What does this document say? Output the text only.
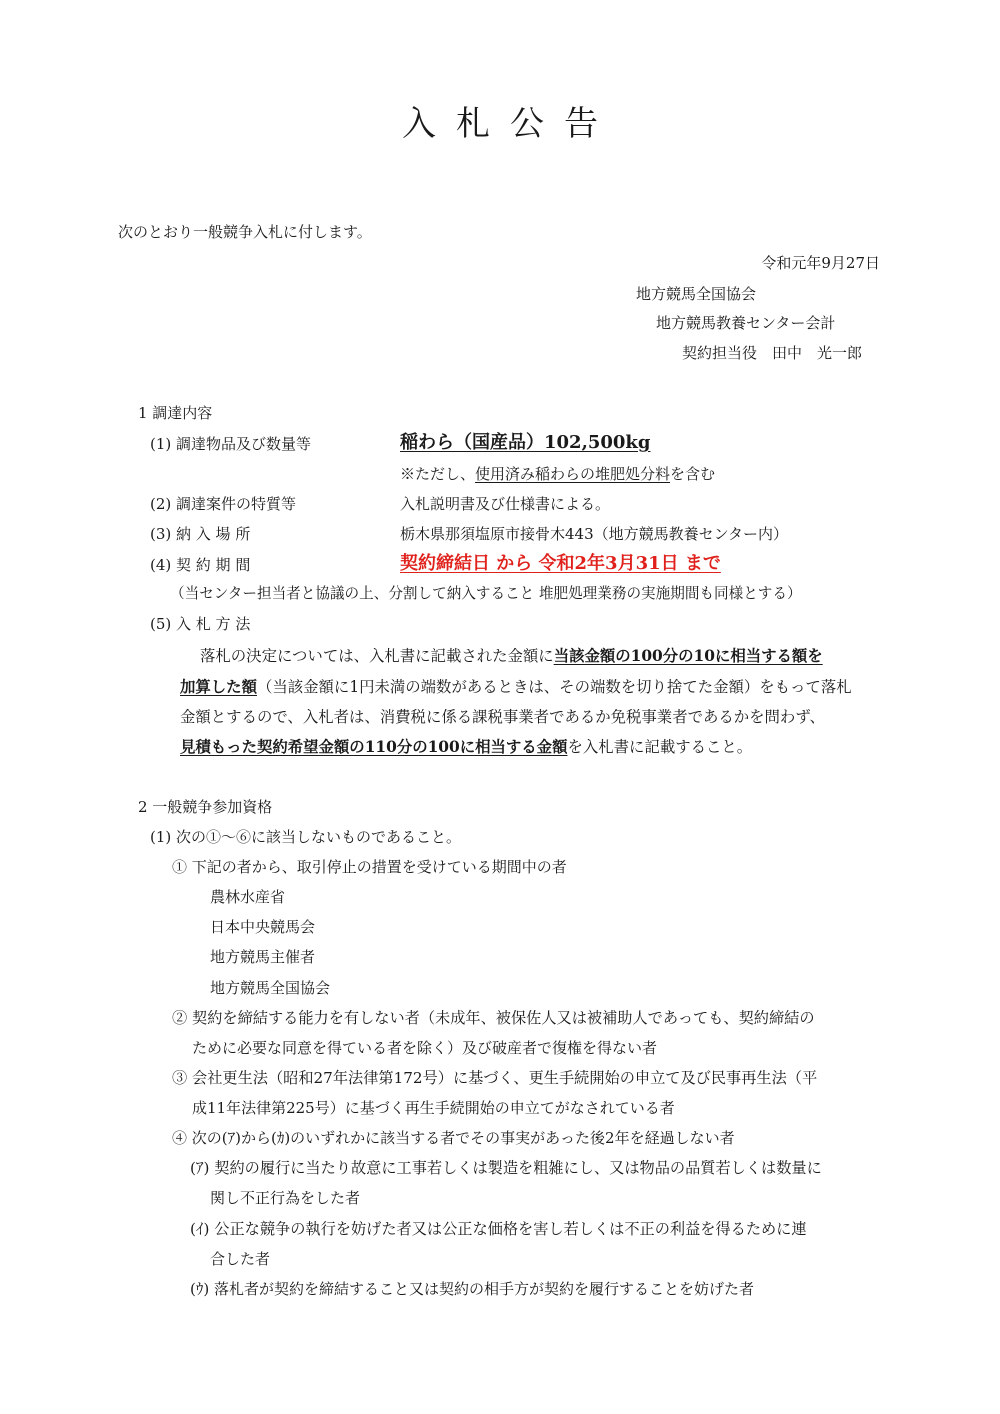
入札公告
次のとおり一般競争入札に付します。
令和元年9月27日
地方競馬全国協会
地方競馬教養センター会計
契約担当役　田中　光一郎
1 調達内容
(1) 調達物品及び数量等	稲わら（国産品）102,500kg
※ただし、使用済み稲わらの堆肥処分料を含む
(2) 調達案件の特質等	入札説明書及び仕様書による。
(3) 納 入 場 所	栃木県那須塩原市接骨木443（地方競馬教養センター内）
(4) 契 約 期 間	契約締結日 から 令和2年3月31日 まで
（当センター担当者と協議の上、分割して納入すること 堆肥処理業務の実施期間も同様とする）
(5) 入 札 方 法
落札の決定については、入札書に記載された金額に当該金額の100分の10に相当する額を
加算した額（当該金額に1円未満の端数があるときは、その端数を切り捨てた金額）をもって落札
金額とするので、入札者は、消費税に係る課税事業者であるか免税事業者であるかを問わず、
見積もった契約希望金額の110分の100に相当する金額を入札書に記載すること。
2 一般競争参加資格
(1) 次の①～⑥に該当しないものであること。
① 下記の者から、取引停止の措置を受けている期間中の者
農林水産省
日本中央競馬会
地方競馬主催者
地方競馬全国協会
② 契約を締結する能力を有しない者（未成年、被保佐人又は被補助人であっても、契約締結の
ために必要な同意を得ている者を除く）及び破産者で復権を得ない者
③ 会社更生法（昭和27年法律第172号）に基づく、更生手続開始の申立て及び民事再生法（平
成11年法律第225号）に基づく再生手続開始の申立てがなされている者
④ 次の(ｱ)から(ｶ)のいずれかに該当する者でその事実があった後2年を経過しない者
(ｱ) 契約の履行に当たり故意に工事若しくは製造を粗雑にし、又は物品の品質若しくは数量に
関し不正行為をした者
(ｲ) 公正な競争の執行を妨げた者又は公正な価格を害し若しくは不正の利益を得るために連
合した者
(ｳ) 落札者が契約を締結すること又は契約の相手方が契約を履行することを妨げた者
